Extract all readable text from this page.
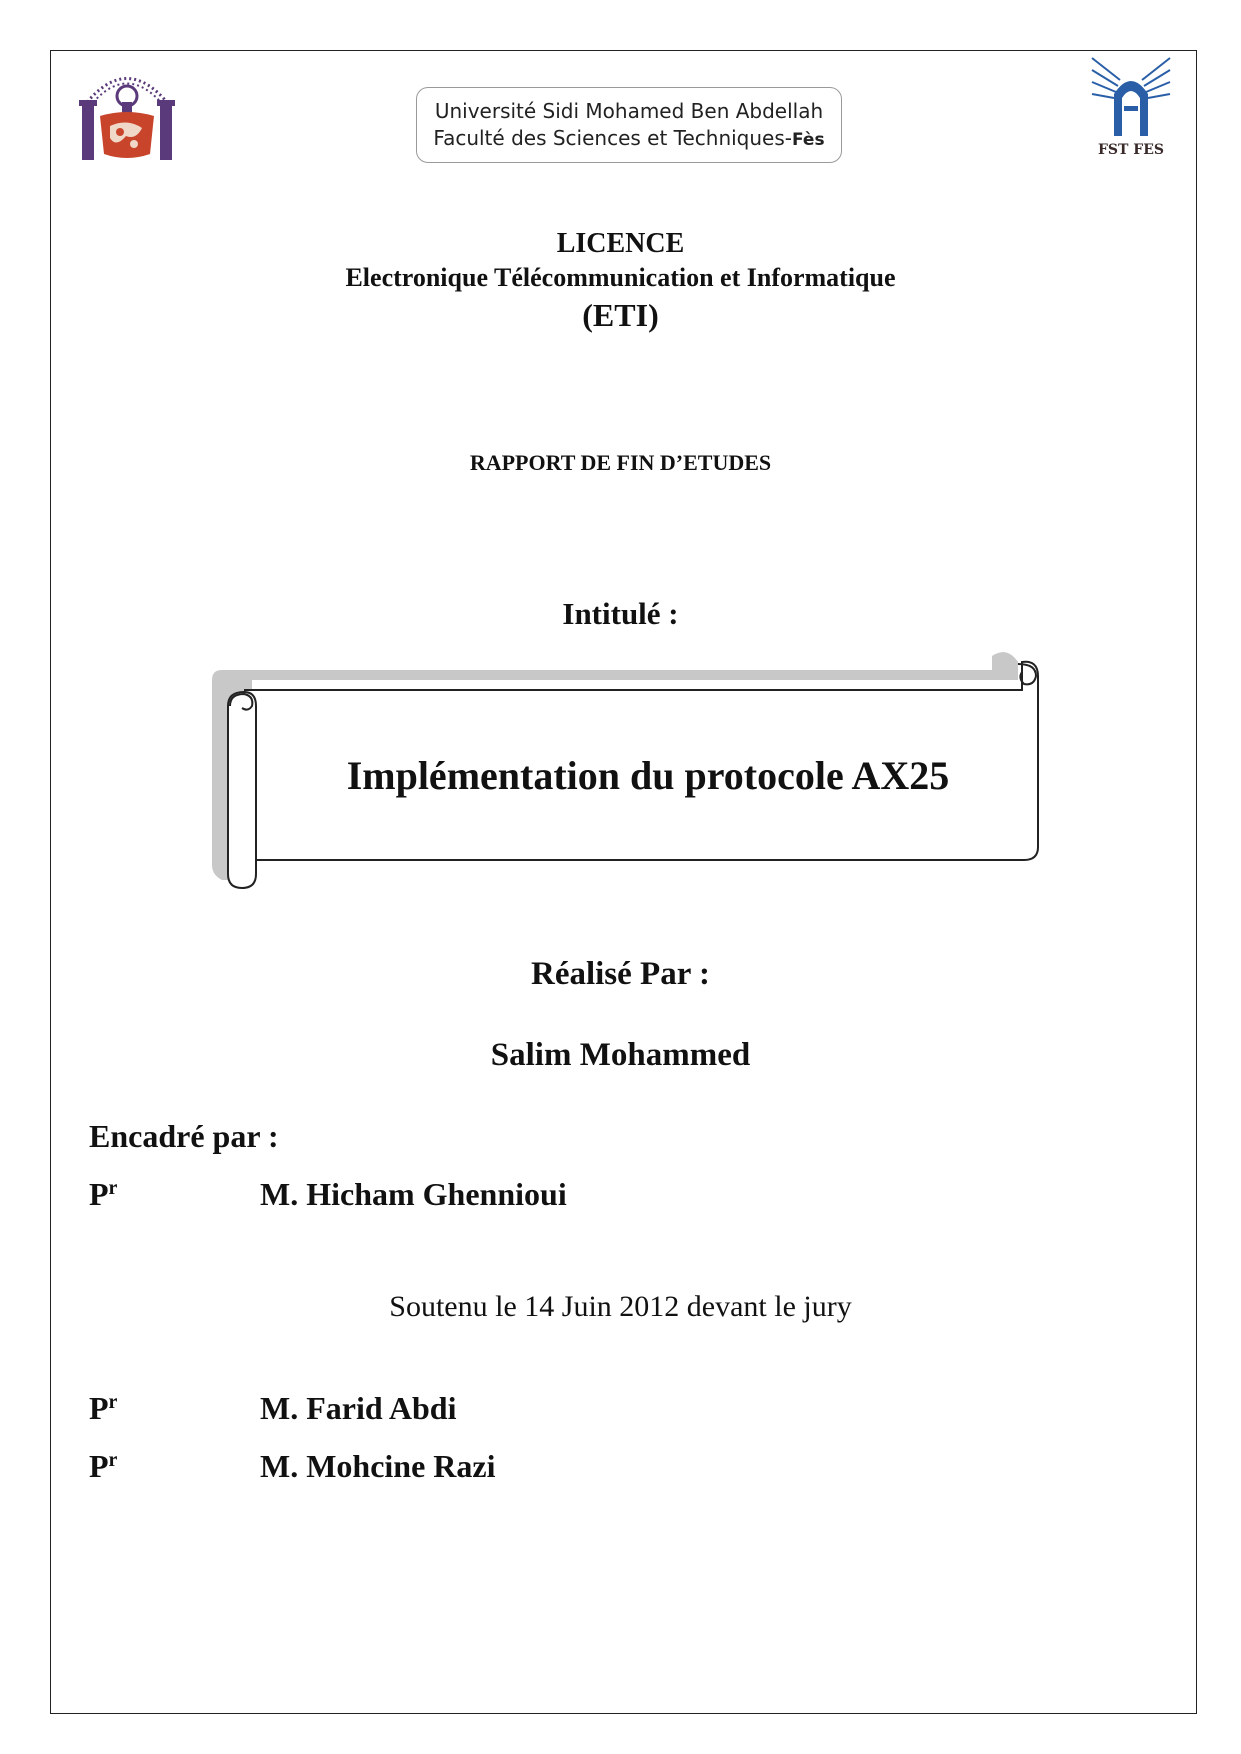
FST FES
Université Sidi Mohamed Ben Abdellah
Faculté des Sciences et Techniques-Fès
LICENCE
Electronique Télécommunication et Informatique
(ETI)
RAPPORT DE FIN D’ETUDES
Intitulé :
Implémentation du protocole AX25
Réalisé Par :
Salim Mohammed
Encadré par :
$P^r$	M. Hicham Ghennioui
Soutenu le 14 Juin 2012 devant le jury
$P^r$	M. Farid Abdi
$P^r$	M. Mohcine Razi
